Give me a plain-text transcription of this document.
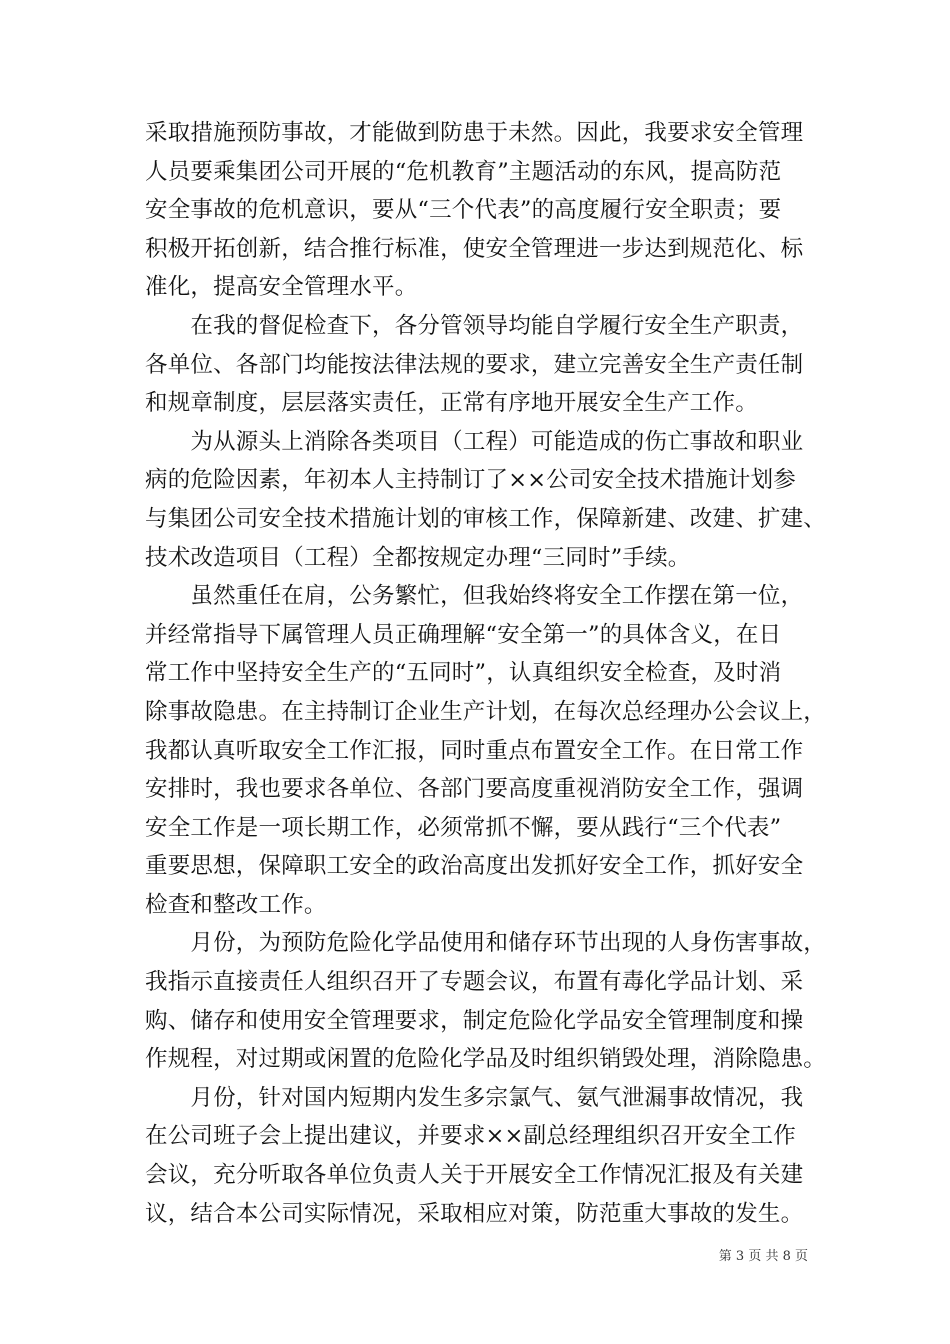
采取措施预防事故，才能做到防患于未然。因此，我要求安全管理
人员要乘集团公司开展的“危机教育”主题活动的东风，提高防范
安全事故的危机意识，要从“三个代表”的高度履行安全职责；要
积极开拓创新，结合推行标准，使安全管理进一步达到规范化、标
准化，提高安全管理水平。
　　在我的督促检查下，各分管领导均能自学履行安全生产职责，
各单位、各部门均能按法律法规的要求，建立完善安全生产责任制
和规章制度，层层落实责任，正常有序地开展安全生产工作。
　　为从源头上消除各类项目（工程）可能造成的伤亡事故和职业
病的危险因素，年初本人主持制订了××公司安全技术措施计划参
与集团公司安全技术措施计划的审核工作，保障新建、改建、扩建、
技术改造项目（工程）全都按规定办理“三同时”手续。
　　虽然重任在肩，公务繁忙，但我始终将安全工作摆在第一位，
并经常指导下属管理人员正确理解“安全第一”的具体含义，在日
常工作中坚持安全生产的“五同时”，认真组织安全检查，及时消
除事故隐患。在主持制订企业生产计划，在每次总经理办公会议上，
我都认真听取安全工作汇报，同时重点布置安全工作。在日常工作
安排时，我也要求各单位、各部门要高度重视消防安全工作，强调
安全工作是一项长期工作，必须常抓不懈，要从践行“三个代表”
重要思想，保障职工安全的政治高度出发抓好安全工作，抓好安全
检查和整改工作。
　　月份，为预防危险化学品使用和储存环节出现的人身伤害事故，
我指示直接责任人组织召开了专题会议，布置有毒化学品计划、采
购、储存和使用安全管理要求，制定危险化学品安全管理制度和操
作规程，对过期或闲置的危险化学品及时组织销毁处理，消除隐患。
　　月份，针对国内短期内发生多宗氯气、氨气泄漏事故情况，我
在公司班子会上提出建议，并要求××副总经理组织召开安全工作
会议，充分听取各单位负责人关于开展安全工作情况汇报及有关建
议，结合本公司实际情况，采取相应对策，防范重大事故的发生。
第 3 页 共 8 页
